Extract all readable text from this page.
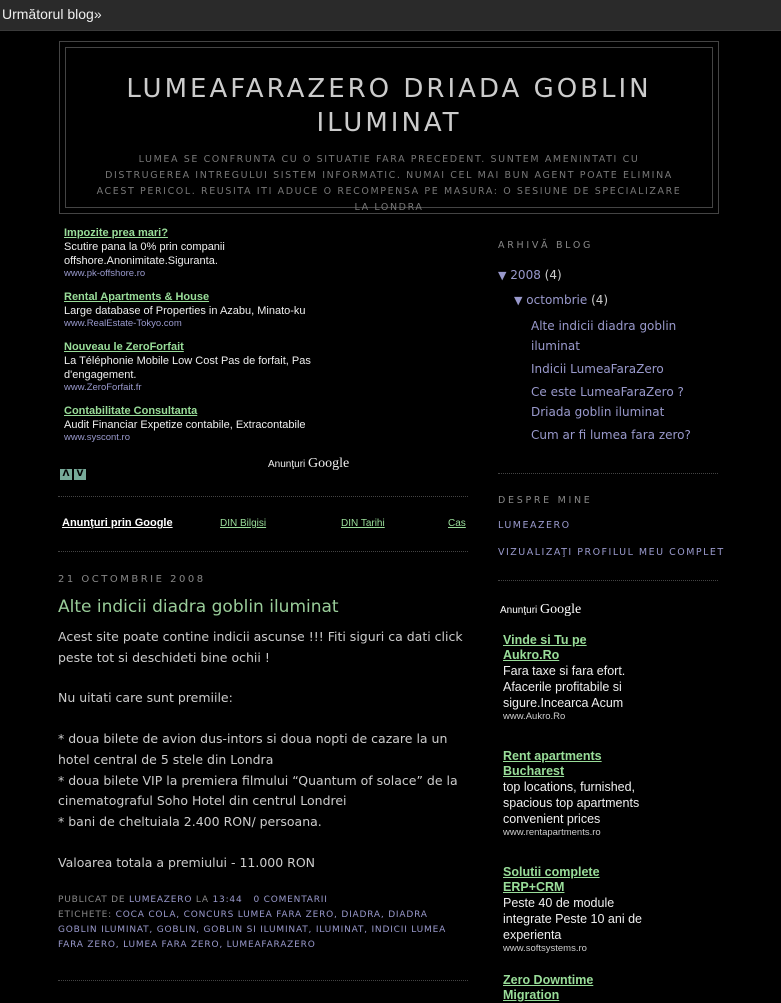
Următorul blog»
LUMEAFARAZERO DRIADA GOBLIN ILUMINAT
LUMEA SE CONFRUNTA CU O SITUATIE FARA PRECEDENT. SUNTEM AMENINTATI CU DISTRUGEREA INTREGULUI SISTEM INFORMATIC. NUMAI CEL MAI BUN AGENT POATE ELIMINA ACEST PERICOL. REUSITA ITI ADUCE O RECOMPENSA PE MASURA: O SESIUNE DE SPECIALIZARE LA LONDRA
Impozite prea mari?
Scutire pana la 0% prin companii offshore.Anonimitate.Siguranta.
www.pk-offshore.ro
Rental Apartments & House
Large database of Properties in Azabu, Minato-ku
www.RealEstate-Tokyo.com
Nouveau le ZeroForfait
La Téléphonie Mobile Low Cost Pas de forfait, Pas d'engagement.
www.ZeroForfait.fr
Contabilitate Consultanta
Audit Financiar Expetize contabile, Extracontabile
www.syscont.ro
Λ V
Anunţuri Google
Anunţuri prin Google	DIN Bilgisi	DIN Tarihi	Cas
21 OCTOMBRIE 2008
Alte indicii diadra goblin iluminat

Acest site poate contine indicii ascunse !!! Fiti siguri ca dati click peste tot si deschideti bine ochii !

Nu uitati care sunt premiile:

* doua bilete de avion dus-intors si doua nopti de cazare la un hotel central de 5 stele din Londra

* doua bilete VIP la premiera filmului “Quantum of solace” de la cinematograful Soho Hotel din centrul Londrei

* bani de cheltuiala 2.400 RON/ persoana.

Valoarea totala a premiului - 11.000 RON

PUBLICAT DE LUMEAZERO LA 13:44 0 COMENTARII
ETICHETE: COCA COLA, CONCURS LUMEA FARA ZERO, DIADRA, DIADRA GOBLIN ILUMINAT, GOBLIN, GOBLIN SI ILUMINAT, ILUMINAT, INDICII LUMEA FARA ZERO, LUMEA FARA ZERO, LUMEAFARAZERO
ARHIVĂ BLOG
▼ 2008 (4)
▼ octombrie (4)
Alte indicii diadra goblin iluminat
Indicii LumeaFaraZero
Ce este LumeaFaraZero ? Driada goblin iluminat
Cum ar fi lumea fara zero?
DESPRE MINE
LUMEAZERO
VIZUALIZAŢI PROFILUL MEU COMPLET
Anunţuri Google
Vinde si Tu pe Aukro.Ro
Fara taxe si fara efort. Afacerile profitabile si sigure.Incearca Acum
www.Aukro.Ro
Rent apartments Bucharest
top locations, furnished, spacious top apartments convenient prices
www.rentapartments.ro
Solutii complete ERP+CRM
Peste 40 de module integrate Peste 10 ani de experienta
www.softsystems.ro
Zero Downtime Migration
